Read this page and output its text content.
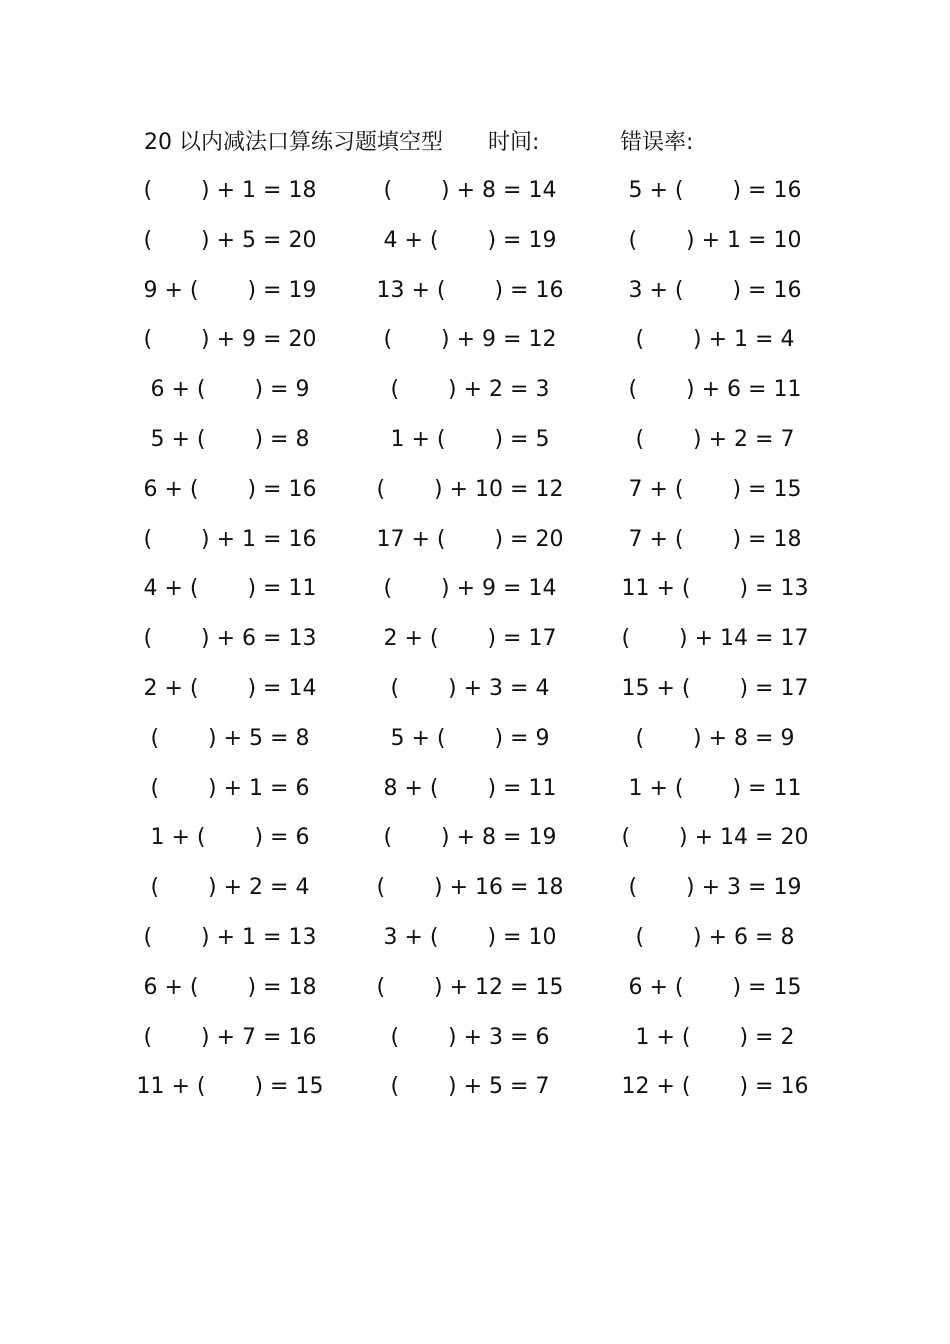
20 以内减法口算练习题填空型 时间:	错误率:
(       ) + 1 = 18	(       ) + 8 = 14	5 + (       ) = 16
(       ) + 5 = 20	4 + (       ) = 19	(       ) + 1 = 10
9 + (       ) = 19	13 + (       ) = 16	3 + (       ) = 16
(       ) + 9 = 20	(       ) + 9 = 12	(       ) + 1 = 4
6 + (       ) = 9	(       ) + 2 = 3	(       ) + 6 = 11
5 + (       ) = 8	1 + (       ) = 5	(       ) + 2 = 7
6 + (       ) = 16	(       ) + 10 = 12	7 + (       ) = 15
(       ) + 1 = 16	17 + (       ) = 20	7 + (       ) = 18
4 + (       ) = 11	(       ) + 9 = 14	11 + (       ) = 13
(       ) + 6 = 13	2 + (       ) = 17	(       ) + 14 = 17
2 + (       ) = 14	(       ) + 3 = 4	15 + (       ) = 17
(       ) + 5 = 8	5 + (       ) = 9	(       ) + 8 = 9
(       ) + 1 = 6	8 + (       ) = 11	1 + (       ) = 11
1 + (       ) = 6	(       ) + 8 = 19	(       ) + 14 = 20
(       ) + 2 = 4	(       ) + 16 = 18	(       ) + 3 = 19
(       ) + 1 = 13	3 + (       ) = 10	(       ) + 6 = 8
6 + (       ) = 18	(       ) + 12 = 15	6 + (       ) = 15
(       ) + 7 = 16	(       ) + 3 = 6	1 + (       ) = 2
11 + (       ) = 15	(       ) + 5 = 7	12 + (       ) = 16
